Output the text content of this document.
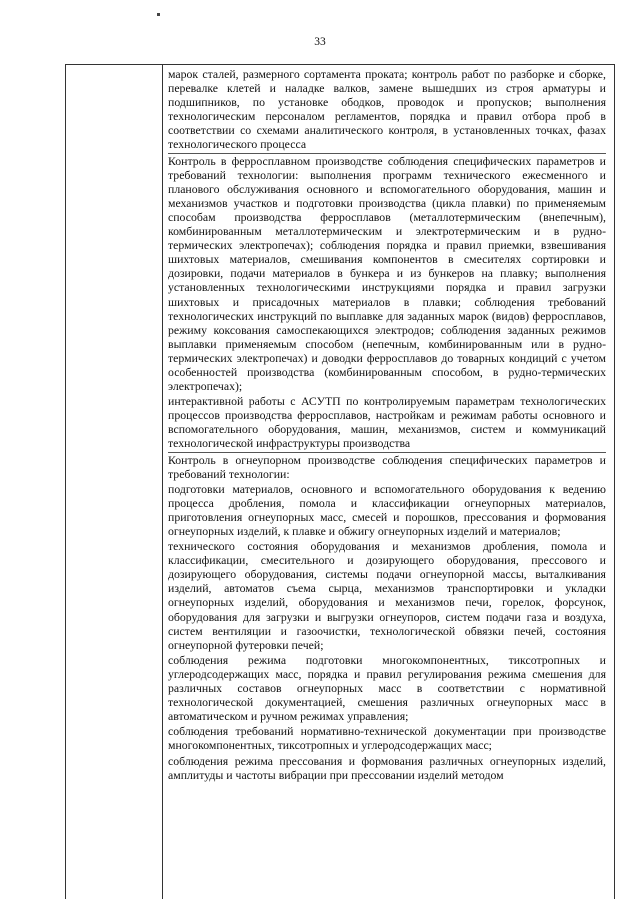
33

марок сталей, размерного сортамента проката; контроль работ по разборке и сборке, перевалке клетей и наладке валков, замене вышедших из строя арматуры и подшипников, по установке ободков, проводок и пропусков; выполнения технологическим персоналом регламентов, порядка и правил отбора проб в соответствии со схемами аналитического контроля, в установленных точках, фазах технологического процесса

Контроль в ферросплавном производстве соблюдения специфических параметров и требований технологии: выполнения программ технического ежесменного и планового обслуживания основного и вспомогательного оборудования, машин и механизмов участков и подготовки производства (цикла плавки) по применяемым способам производства ферросплавов (металлотермическим (внепечным), комбинированным металлотермическим и электротермическим и в рудно-термических электропечах); соблюдения порядка и правил приемки, взвешивания шихтовых материалов, смешивания компонентов в смесителях сортировки и дозировки, подачи материалов в бункера и из бункеров на плавку; выполнения установленных технологическими инструкциями порядка и правил загрузки шихтовых и присадочных материалов в плавки; соблюдения требований технологических инструкций по выплавке для заданных марок (видов) ферросплавов, режиму коксования самоспекающихся электродов; соблюдения заданных режимов выплавки применяемым способом (непечным, комбинированным или в рудно-термических электропечах) и доводки ферросплавов до товарных кондиций с учетом особенностей производства (комбинированным способом, в рудно-термических электропечах);

интерактивной работы с АСУТП по контролируемым параметрам технологических процессов производства ферросплавов, настройкам и режимам работы основного и вспомогательного оборудования, машин, механизмов, систем и коммуникаций технологической инфраструктуры производства

Контроль в огнеупорном производстве соблюдения специфических параметров и требований технологии:

подготовки материалов, основного и вспомогательного оборудования к ведению процесса дробления, помола и классификации огнеупорных материалов, приготовления огнеупорных масс, смесей и порошков, прессования и формования огнеупорных изделий, к плавке и обжигу огнеупорных изделий и материалов;

технического состояния оборудования и механизмов дробления, помола и классификации, смесительного и дозирующего оборудования, прессового и дозирующего оборудования, системы подачи огнеупорной массы, выталкивания изделий, автоматов съема сырца, механизмов транспортировки и укладки огнеупорных изделий, оборудования и механизмов печи, горелок, форсунок, оборудования для загрузки и выгрузки огнеупоров, систем подачи газа и воздуха, систем вентиляции и газоочистки, технологической обвязки печей, состояния огнеупорной футеровки печей;

соблюдения режима подготовки многокомпонентных, тиксотропных и углеродсодержащих масс, порядка и правил регулирования режима смешения для различных составов огнеупорных масс в соответствии с нормативной технологической документацией, смешения различных огнеупорных масс в автоматическом и ручном режимах управления;

соблюдения требований нормативно-технической документации при производстве многокомпонентных, тиксотропных и углеродсодержащих масс;

соблюдения режима прессования и формования различных огнеупорных изделий, амплитуды и частоты вибрации при прессовании изделий методом
